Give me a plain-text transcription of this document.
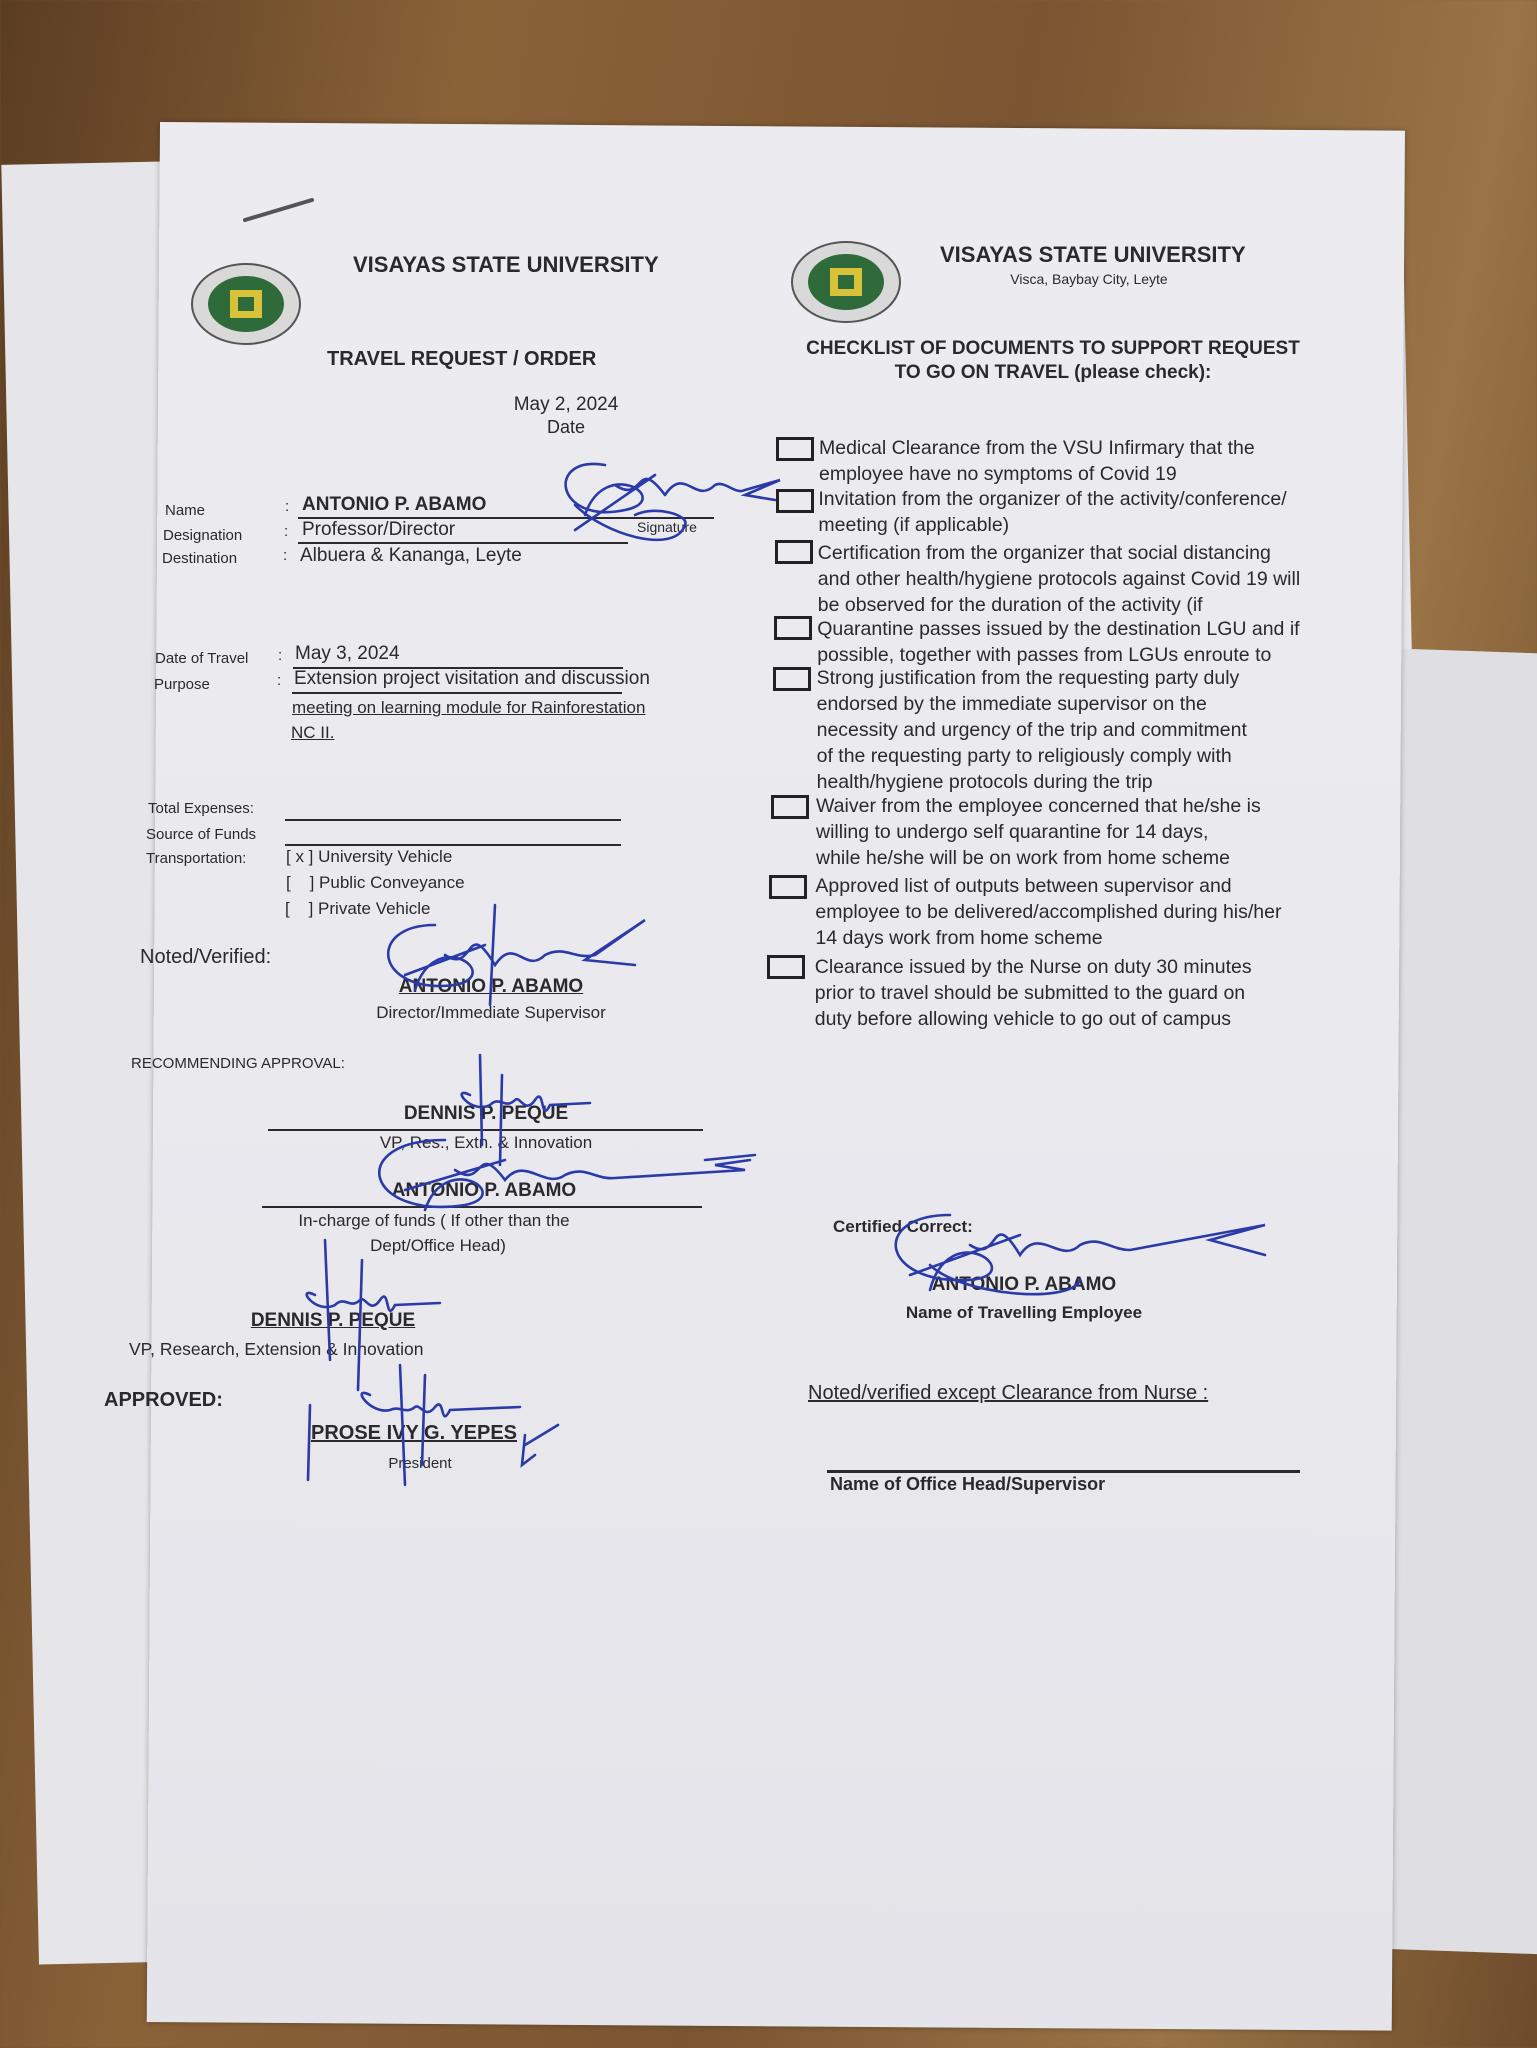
VISAYAS STATE UNIVERSITY
TRAVEL REQUEST / ORDER
May 2, 2024
Date
Name	: ANTONIO P. ABAMO
Signature
Designation	: Professor/Director
Destination	: Albuera & Kananga, Leyte
Date of Travel : May 3, 2024
Purpose	: Extension project visitation and discussion
meeting on learning module for Rainforestation
NC II.
Total Expenses:
Source of Funds
Transportation: [ x ] University Vehicle
[    ] Public Conveyance
[    ] Private Vehicle
Noted/Verified:
ANTONIO P. ABAMO
Director/Immediate Supervisor
RECOMMENDING APPROVAL:
DENNIS P. PEQUE
VP, Res., Extn. & Innovation
ANTONIO P. ABAMO
In-charge of funds ( If other than the
Dept/Office Head)
DENNIS P. PEQUE
VP, Research, Extension & Innovation
APPROVED:
PROSE IVY G. YEPES
President
VISAYAS STATE UNIVERSITY
Visca, Baybay City, Leyte
CHECKLIST OF DOCUMENTS TO SUPPORT REQUEST
TO GO ON TRAVEL (please check):
Medical Clearance from the VSU Infirmary that the
employee have no symptoms of Covid 19
Invitation from the organizer of the activity/conference/
meeting (if applicable)
Certification from the organizer that social distancing
and other health/hygiene protocols against Covid 19 will
be observed for the duration of the activity (if
Quarantine passes issued by the destination LGU and if
possible, together with passes from LGUs enroute to
Strong justification from the requesting party duly
endorsed by the immediate supervisor on the
necessity and urgency of the trip and commitment
of the requesting party to religiously comply with
health/hygiene protocols during the trip
Waiver from the employee concerned that he/she is
willing to undergo self quarantine for 14 days,
while he/she will be on work from home scheme
Approved list of outputs between supervisor and
employee to be delivered/accomplished during his/her
14 days work from home scheme
Clearance issued by the Nurse on duty 30 minutes
prior to travel should be submitted to the guard on
duty before allowing vehicle to go out of campus
Certified Correct:
ANTONIO P. ABAMO
Name of Travelling Employee
Noted/verified except Clearance from Nurse :
Name of Office Head/Supervisor
